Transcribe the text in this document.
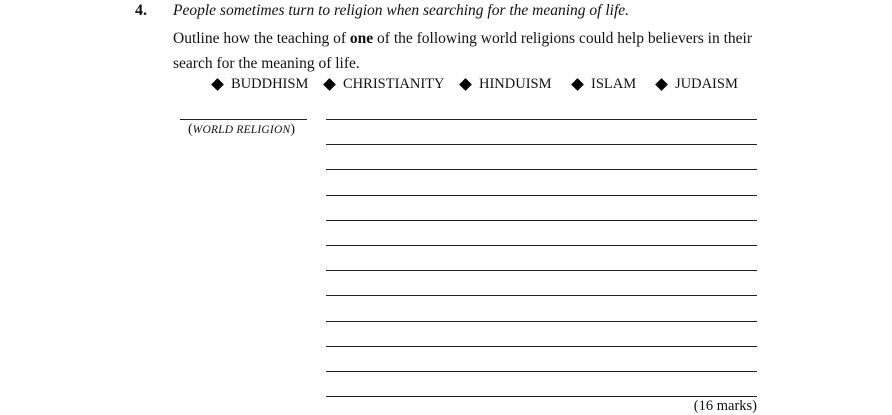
4. People sometimes turn to religion when searching for the meaning of life.
Outline how the teaching of one of the following world religions could help believers in their search for the meaning of life.
BUDDHISM CHRISTIANITY HINDUISM	ISLAM	JUDAISM
(WORLD RELIGION)
(16 marks)
